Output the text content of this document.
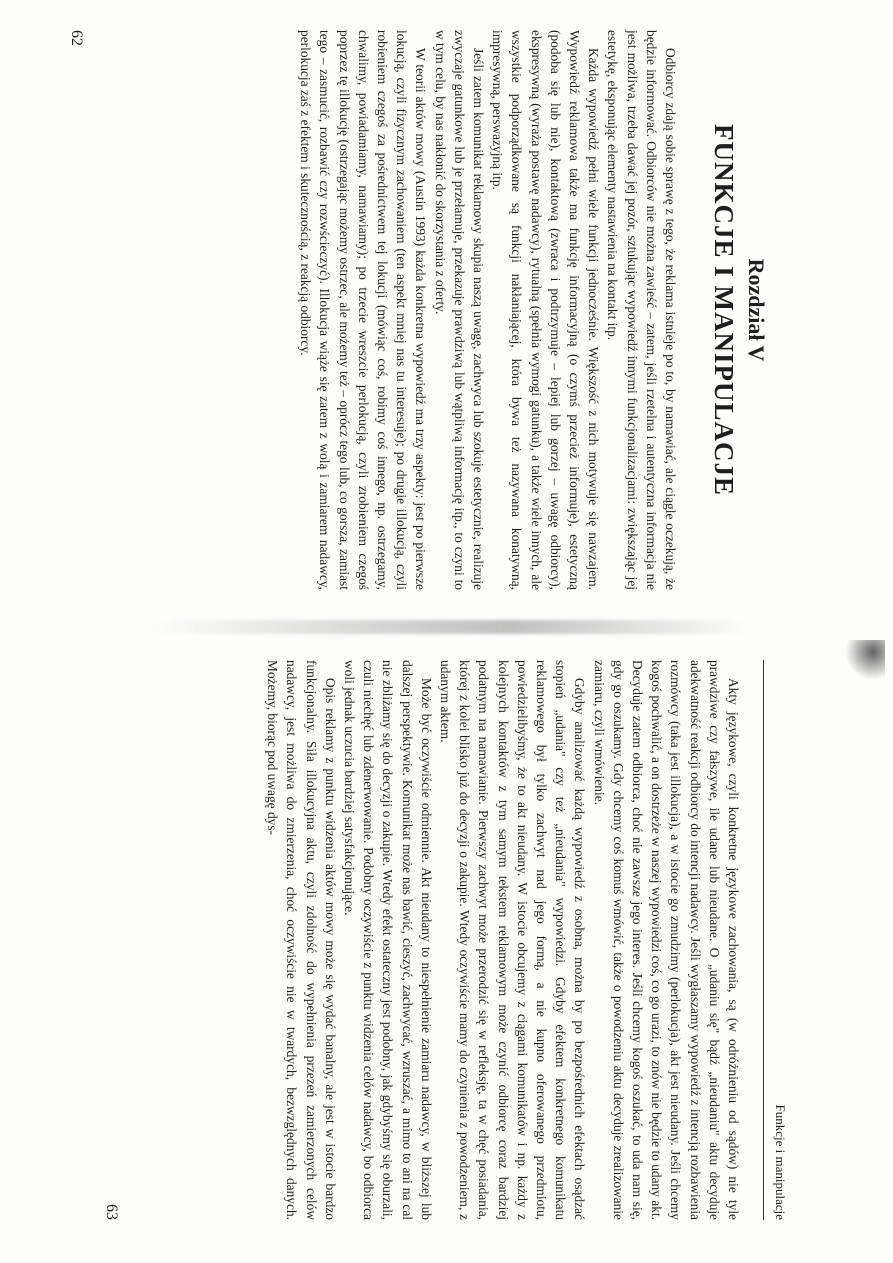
Rozdział V
FUNKCJE I MANIPULACJE

Odbiorcy zdają sobie sprawę z tego, że reklama istnieje po to, by namawiać, ale ciągle oczekują, że będzie informować. Odbiorców nie można zawieść – zatem, jeśli rzetelna i autentyczna informacja nie jest możliwa, trzeba dawać jej pozór, sztukując wypowiedź innymi funkcjonalizacjami: zwiększając jej estetykę, eksponując elementy nastawienia na kontakt itp.

Każda wypowiedź pełni wiele funkcji jednocześnie. Większość z nich motywuje się nawzajem. Wypowiedź reklamowa także ma funkcję informacyjną (o czymś przecież informuje), estetyczną (podoba się lub nie), kontaktową (zwraca i podtrzymuje – lepiej lub gorzej – uwagę odbiorcy), ekspresywną (wyraża postawę nadawcy), rytualną (spełnia wymogi gatunku), a także wiele innych, ale wszystkie podporządkowane są funkcji nakłaniającej, która bywa też nazywana konatywną, impresywną, perswazyjną itp.

Jeśli zatem komunikat reklamowy skupia naszą uwagę, zachwyca lub szokuje estetycznie, realizuje zwyczaje gatunkowe lub je przełamuje, przekazuje prawdziwą lub wątpliwą informację itp., to czyni to w tym celu, by nas nakłonić do skorzystania z oferty.

W teorii aktów mowy (Austin 1993) każda konkretna wypowiedź ma trzy aspekty: jest po pierwsze lokucją, czyli fizycznym zachowaniem (ten aspekt mniej nas tu interesuje); po drugie illokucją, czyli robieniem czegoś za pośrednictwem tej lokucji (mówiąc coś, robimy coś innego, np. ostrzegamy, chwalimy, powiadamiamy, namawiamy); po trzecie wreszcie perlokucją, czyli zrobieniem czegoś poprzez tę illokucję (ostrzegając możemy ostrzec, ale możemy też – oprócz tego lub, co gorsza, zamiast tego – zasmucić, rozbawić czy rozwścieczyć). Illokucja wiąże się zatem z wolą i zamiarem nadawcy, perlokucja zaś z efektem i skutecznością, z reakcją odbiorcy.

62
Funkcje i manipulacje

Akty językowe, czyli konkretne językowe zachowania, są (w odróżnieniu od sądów) nie tyle prawdziwe czy fałszywe, ile udane lub nieudane. O „udaniu się" bądź „nieudaniu" aktu decyduje adekwatność reakcji odbiorcy do intencji nadawcy. Jeśli wygłaszamy wypowiedź z intencją rozbawienia rozmówcy (taka jest illokucja), a w istocie go zmudzimy (perlokucja), akt jest nieudany. Jeśli chcemy kogoś pochwalić, a on dostrzeże w naszej wypowiedzi coś, co go urazi, to znów nie będzie to udany akt. Decyduje zatem odbiorca, choć nie zawsze jego interes. Jeśli chcemy kogoś oszukać, to uda nam się, gdy go oszukamy. Gdy chcemy coś komuś wmówić, także o powodzeniu aktu decyduje zrealizowanie zamiaru, czyli wmówienie.

Gdyby analizować każdą wypowiedź z osobna, można by po bezpośrednich efektach osądzać stopień „udania" czy też „nieudania" wypowiedzi. Gdyby efektem konkretnego komunikatu reklamowego był tylko zachwyt nad jego formą, a nie kupno oferowanego przedmiotu, powiedzielibyśmy, że to akt nieudany. W istocie obcujemy z ciągami komunikatów i np. każdy z kolejnych kontaktów z tym samym tekstem reklamowym może czynić odbiorcę coraz bardziej podatnym na namawianie. Pierwszy zachwyt może przerodzić się w refleksję, ta w chęć posiadania, której z kolei blisko już do decyzji o zakupie. Wtedy oczywiście mamy do czynienia z powodzeniem, z udanym aktem.

Może być oczywiście odmiennie. Akt nieudany to niespełnienie zamiaru nadawcy, w bliższej lub dalszej perspektywie. Komunikat może nas bawić, cieszyć, zachwycać, wzruszać, a mimo to ani na cal nie zbliżamy się do decyzji o zakupie. Wtedy efekt ostateczny jest podobny, jak gdybyśmy się oburzali, czuli niechęć lub zdenerwowanie. Podobny oczywiście z punktu widzenia celów nadawcy, bo odbiorca woli jednak uczucia bardziej satysfakcjonujące.

Opis reklamy z punktu widzenia aktów mowy może się wydać banalny, ale jest w istocie bardzo funkcjonalny. Siła illokucyjna aktu, czyli zdolność do wypełnienia przezeń zamierzonych celów nadawcy, jest możliwa do zmierzenia, choć oczywiście nie w twardych, bezwzględnych danych. Możemy, biorąc pod uwagę dys-

63
